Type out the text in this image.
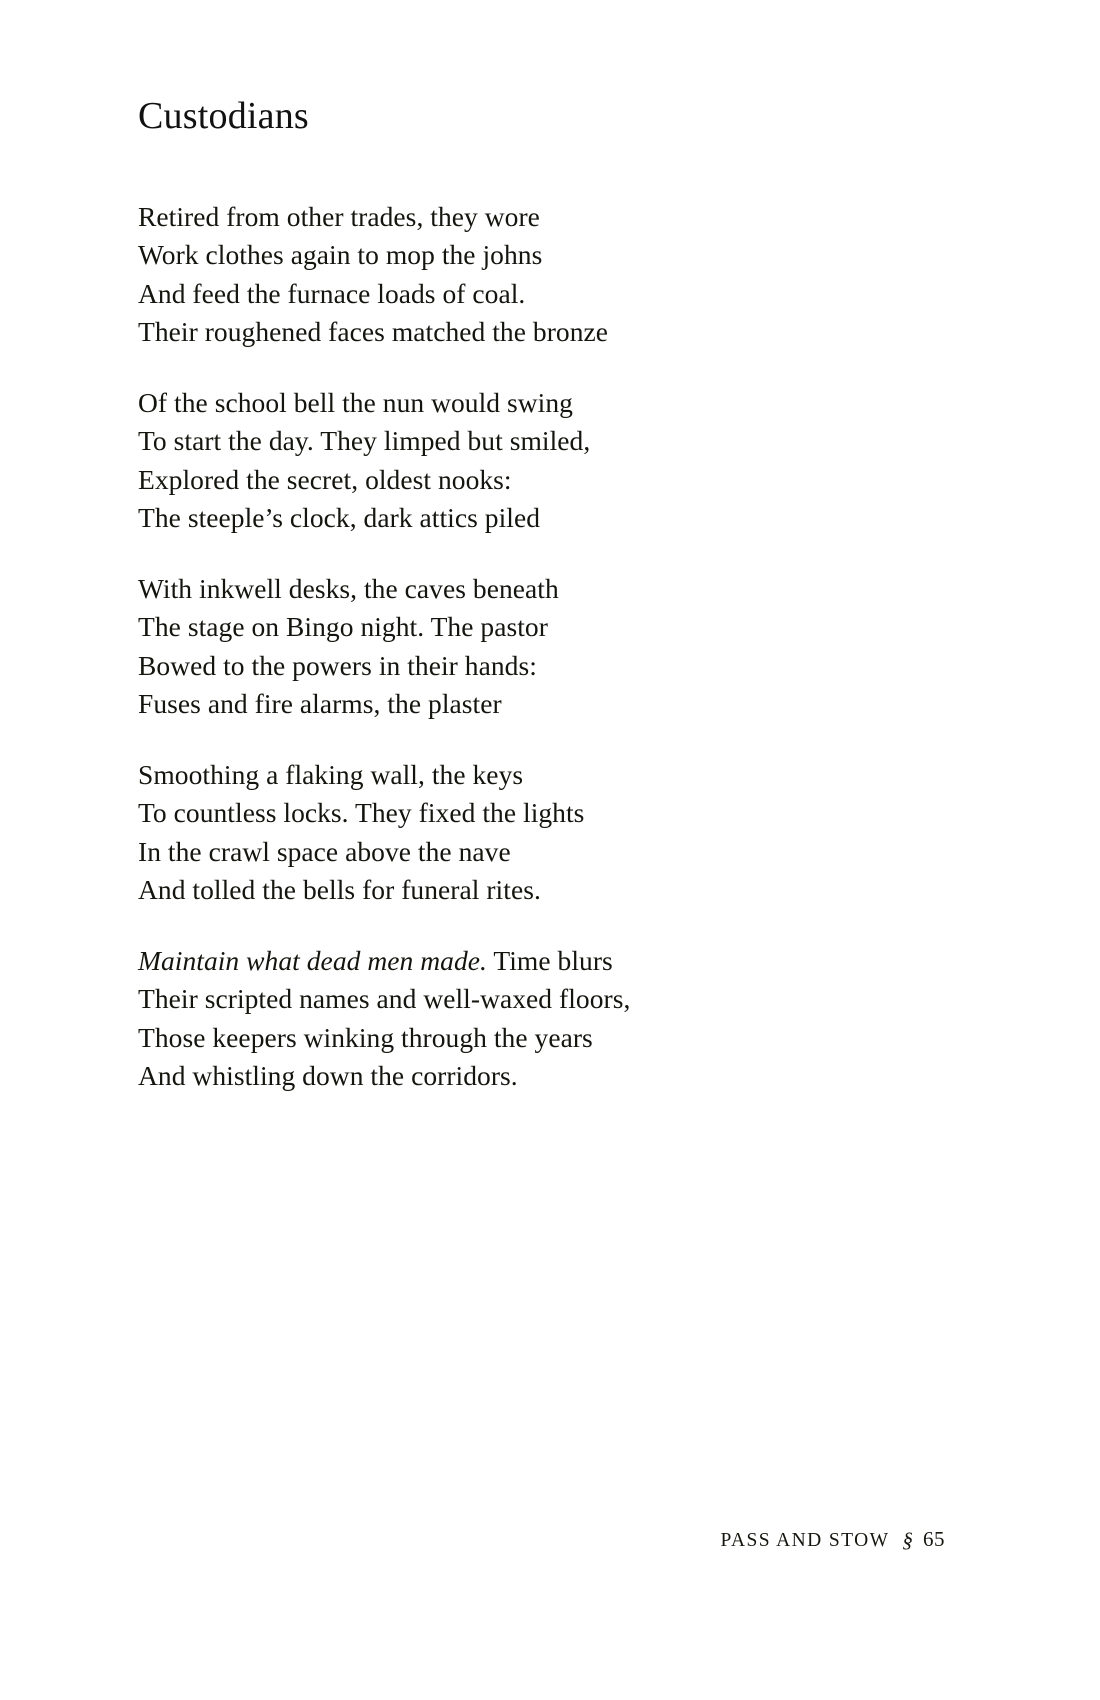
Custodians
Retired from other trades, they wore
Work clothes again to mop the johns
And feed the furnace loads of coal.
Their roughened faces matched the bronze
Of the school bell the nun would swing
To start the day. They limped but smiled,
Explored the secret, oldest nooks:
The steeple’s clock, dark attics piled
With inkwell desks, the caves beneath
The stage on Bingo night. The pastor
Bowed to the powers in their hands:
Fuses and fire alarms, the plaster
Smoothing a flaking wall, the keys
To countless locks. They fixed the lights
In the crawl space above the nave
And tolled the bells for funeral rites.
Maintain what dead men made. Time blurs
Their scripted names and well-waxed floors,
Those keepers winking through the years
And whistling down the corridors.
PASS AND STOW § 65
